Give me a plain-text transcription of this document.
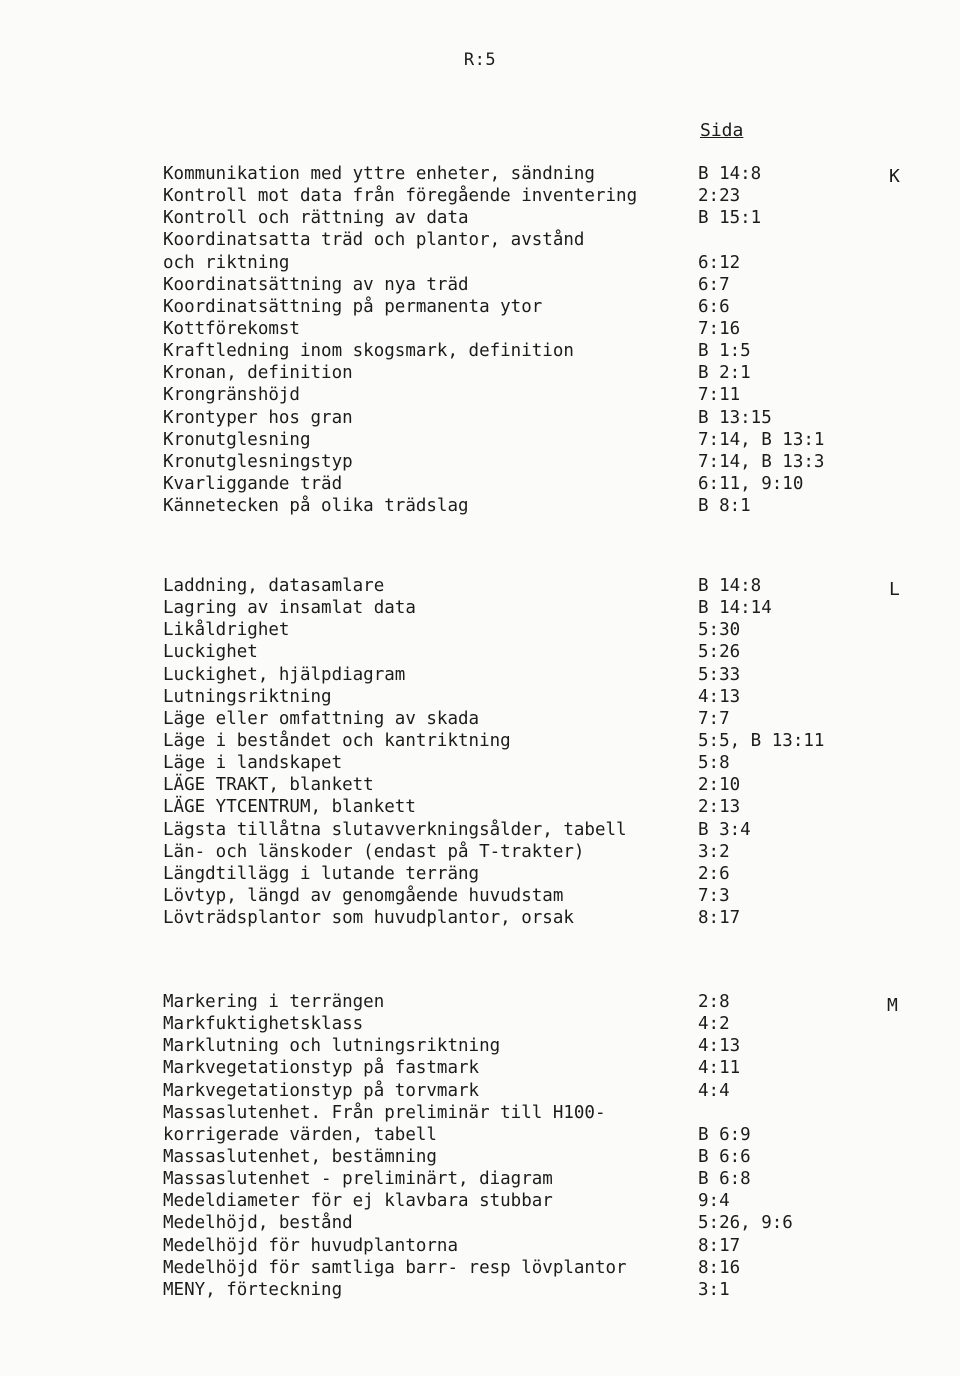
R:5
Sida
K
L
M
Kommunikation med yttre enheter, sändning	B 14:8
Kontroll mot data från föregående inventering	2:23
Kontroll och rättning av data	B 15:1
Koordinatsatta träd och plantor, avstånd
och riktning	6:12
Koordinatsättning av nya träd	6:7
Koordinatsättning på permanenta ytor	6:6
Kottförekomst	7:16
Kraftledning inom skogsmark, definition	B 1:5
Kronan, definition	B 2:1
Krongränshöjd	7:11
Krontyper hos gran	B 13:15
Kronutglesning	7:14, B 13:1
Kronutglesningstyp	7:14, B 13:3
Kvarliggande träd	6:11, 9:10
Kännetecken på olika trädslag	B 8:1
Laddning, datasamlare	B 14:8
Lagring av insamlat data	B 14:14
Likåldrighet	5:30
Luckighet	5:26
Luckighet, hjälpdiagram	5:33
Lutningsriktning	4:13
Läge eller omfattning av skada	7:7
Läge i beståndet och kantriktning	5:5, B 13:11
Läge i landskapet	5:8
LÄGE TRAKT, blankett	2:10
LÄGE YTCENTRUM, blankett	2:13
Lägsta tillåtna slutavverkningsålder, tabell	B 3:4
Län- och länskoder (endast på T-trakter)	3:2
Längdtillägg i lutande terräng	2:6
Lövtyp, längd av genomgående huvudstam	7:3
Lövträdsplantor som huvudplantor, orsak	8:17
Markering i terrängen	2:8
Markfuktighetsklass	4:2
Marklutning och lutningsriktning	4:13
Markvegetationstyp på fastmark	4:11
Markvegetationstyp på torvmark	4:4
Massaslutenhet. Från preliminär till H100-
korrigerade värden, tabell	B 6:9
Massaslutenhet, bestämning	B 6:6
Massaslutenhet - preliminärt, diagram	B 6:8
Medeldiameter för ej klavbara stubbar	9:4
Medelhöjd, bestånd	5:26, 9:6
Medelhöjd för huvudplantorna	8:17
Medelhöjd för samtliga barr- resp lövplantor	8:16
MENY, förteckning	3:1
